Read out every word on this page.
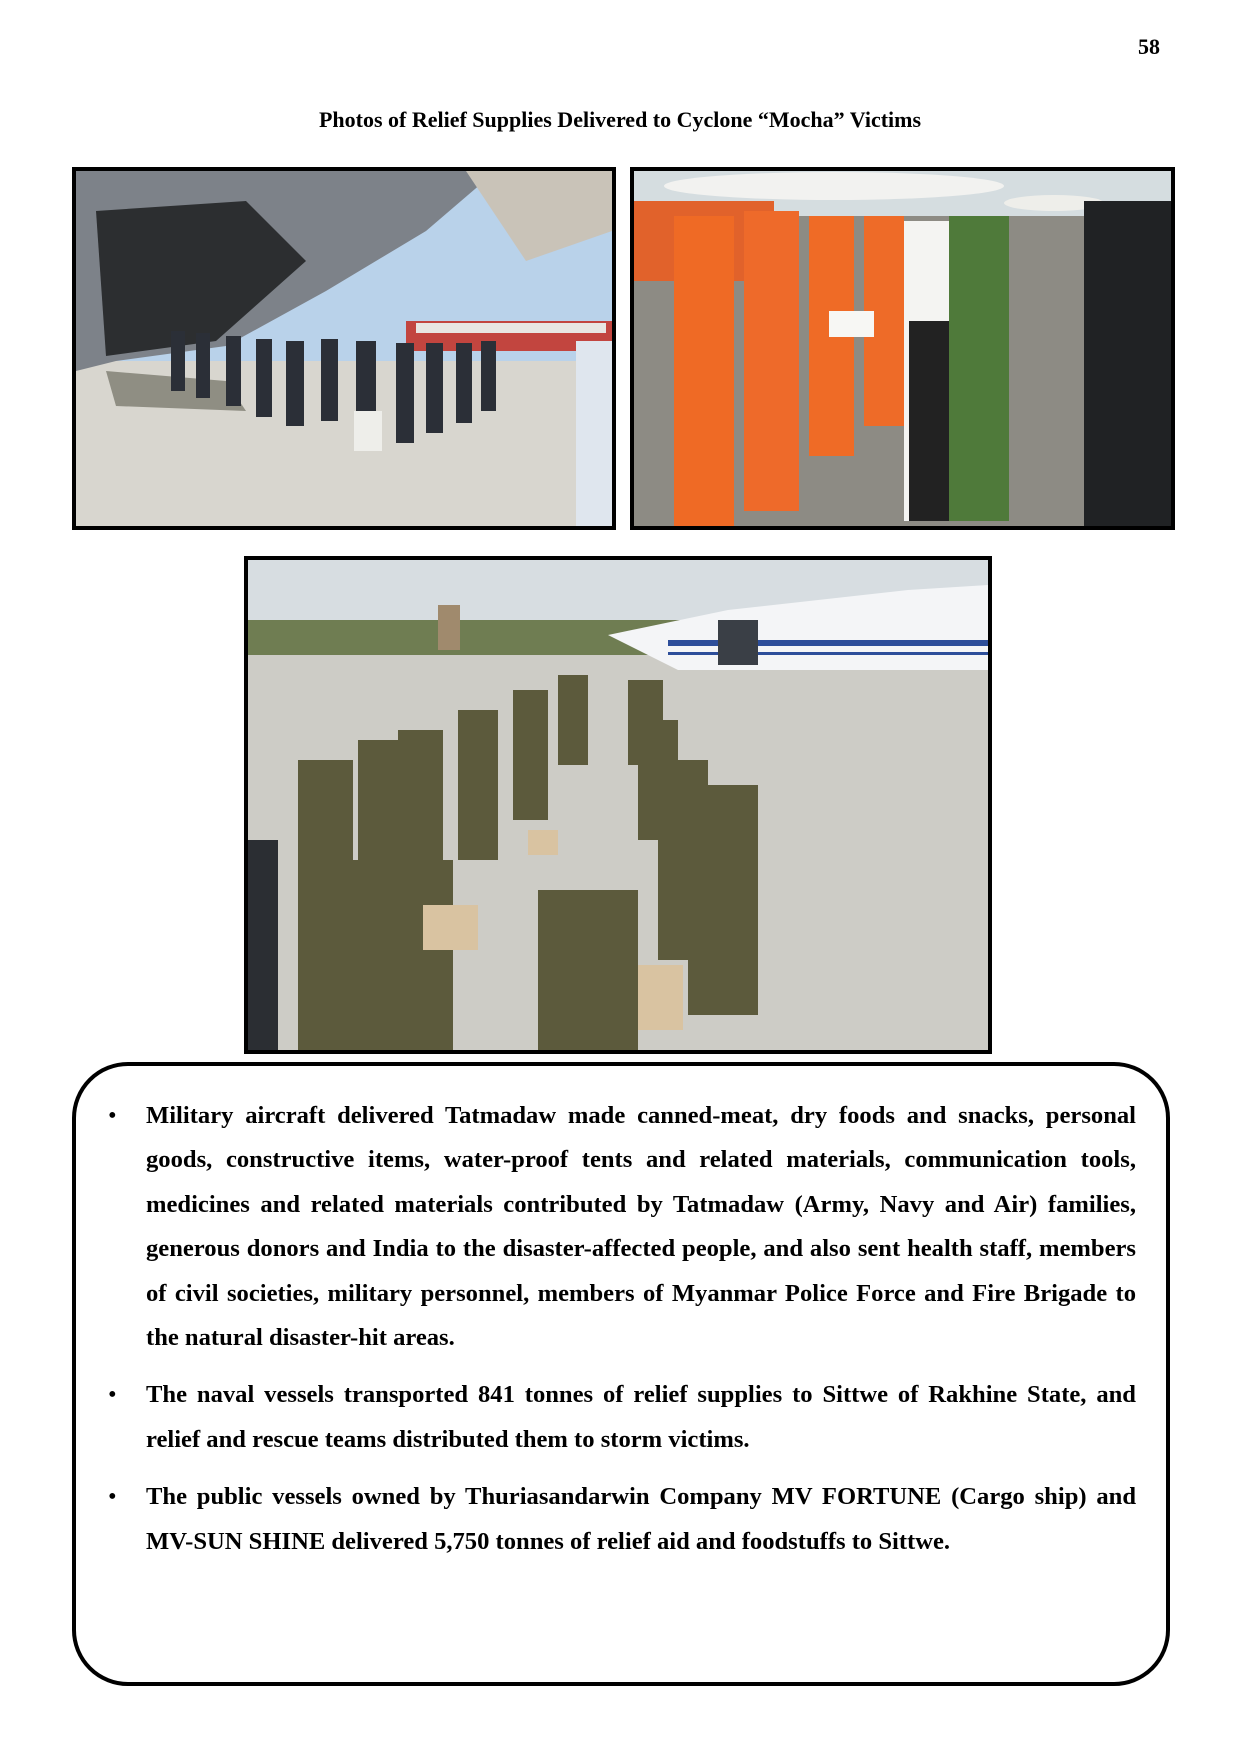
58
Photos of Relief Supplies Delivered to Cyclone “Mocha” Victims
• Military aircraft delivered Tatmadaw made canned-meat, dry foods and snacks, personal goods, constructive items, water-proof tents and related materials, communication tools, medicines and related materials contributed by Tatmadaw (Army, Navy and Air) families, generous donors and India to the disaster-affected people, and also sent health staff, members of civil societies, military personnel, members of Myanmar Police Force and Fire Brigade to the natural disaster-hit areas.
• The naval vessels transported 841 tonnes of relief supplies to Sittwe of Rakhine State, and relief and rescue teams distributed them to storm victims.
• The public vessels owned by Thuriasandarwin Company MV FORTUNE (Cargo ship) and MV-SUN SHINE delivered 5,750 tonnes of relief aid and foodstuffs to Sittwe.
